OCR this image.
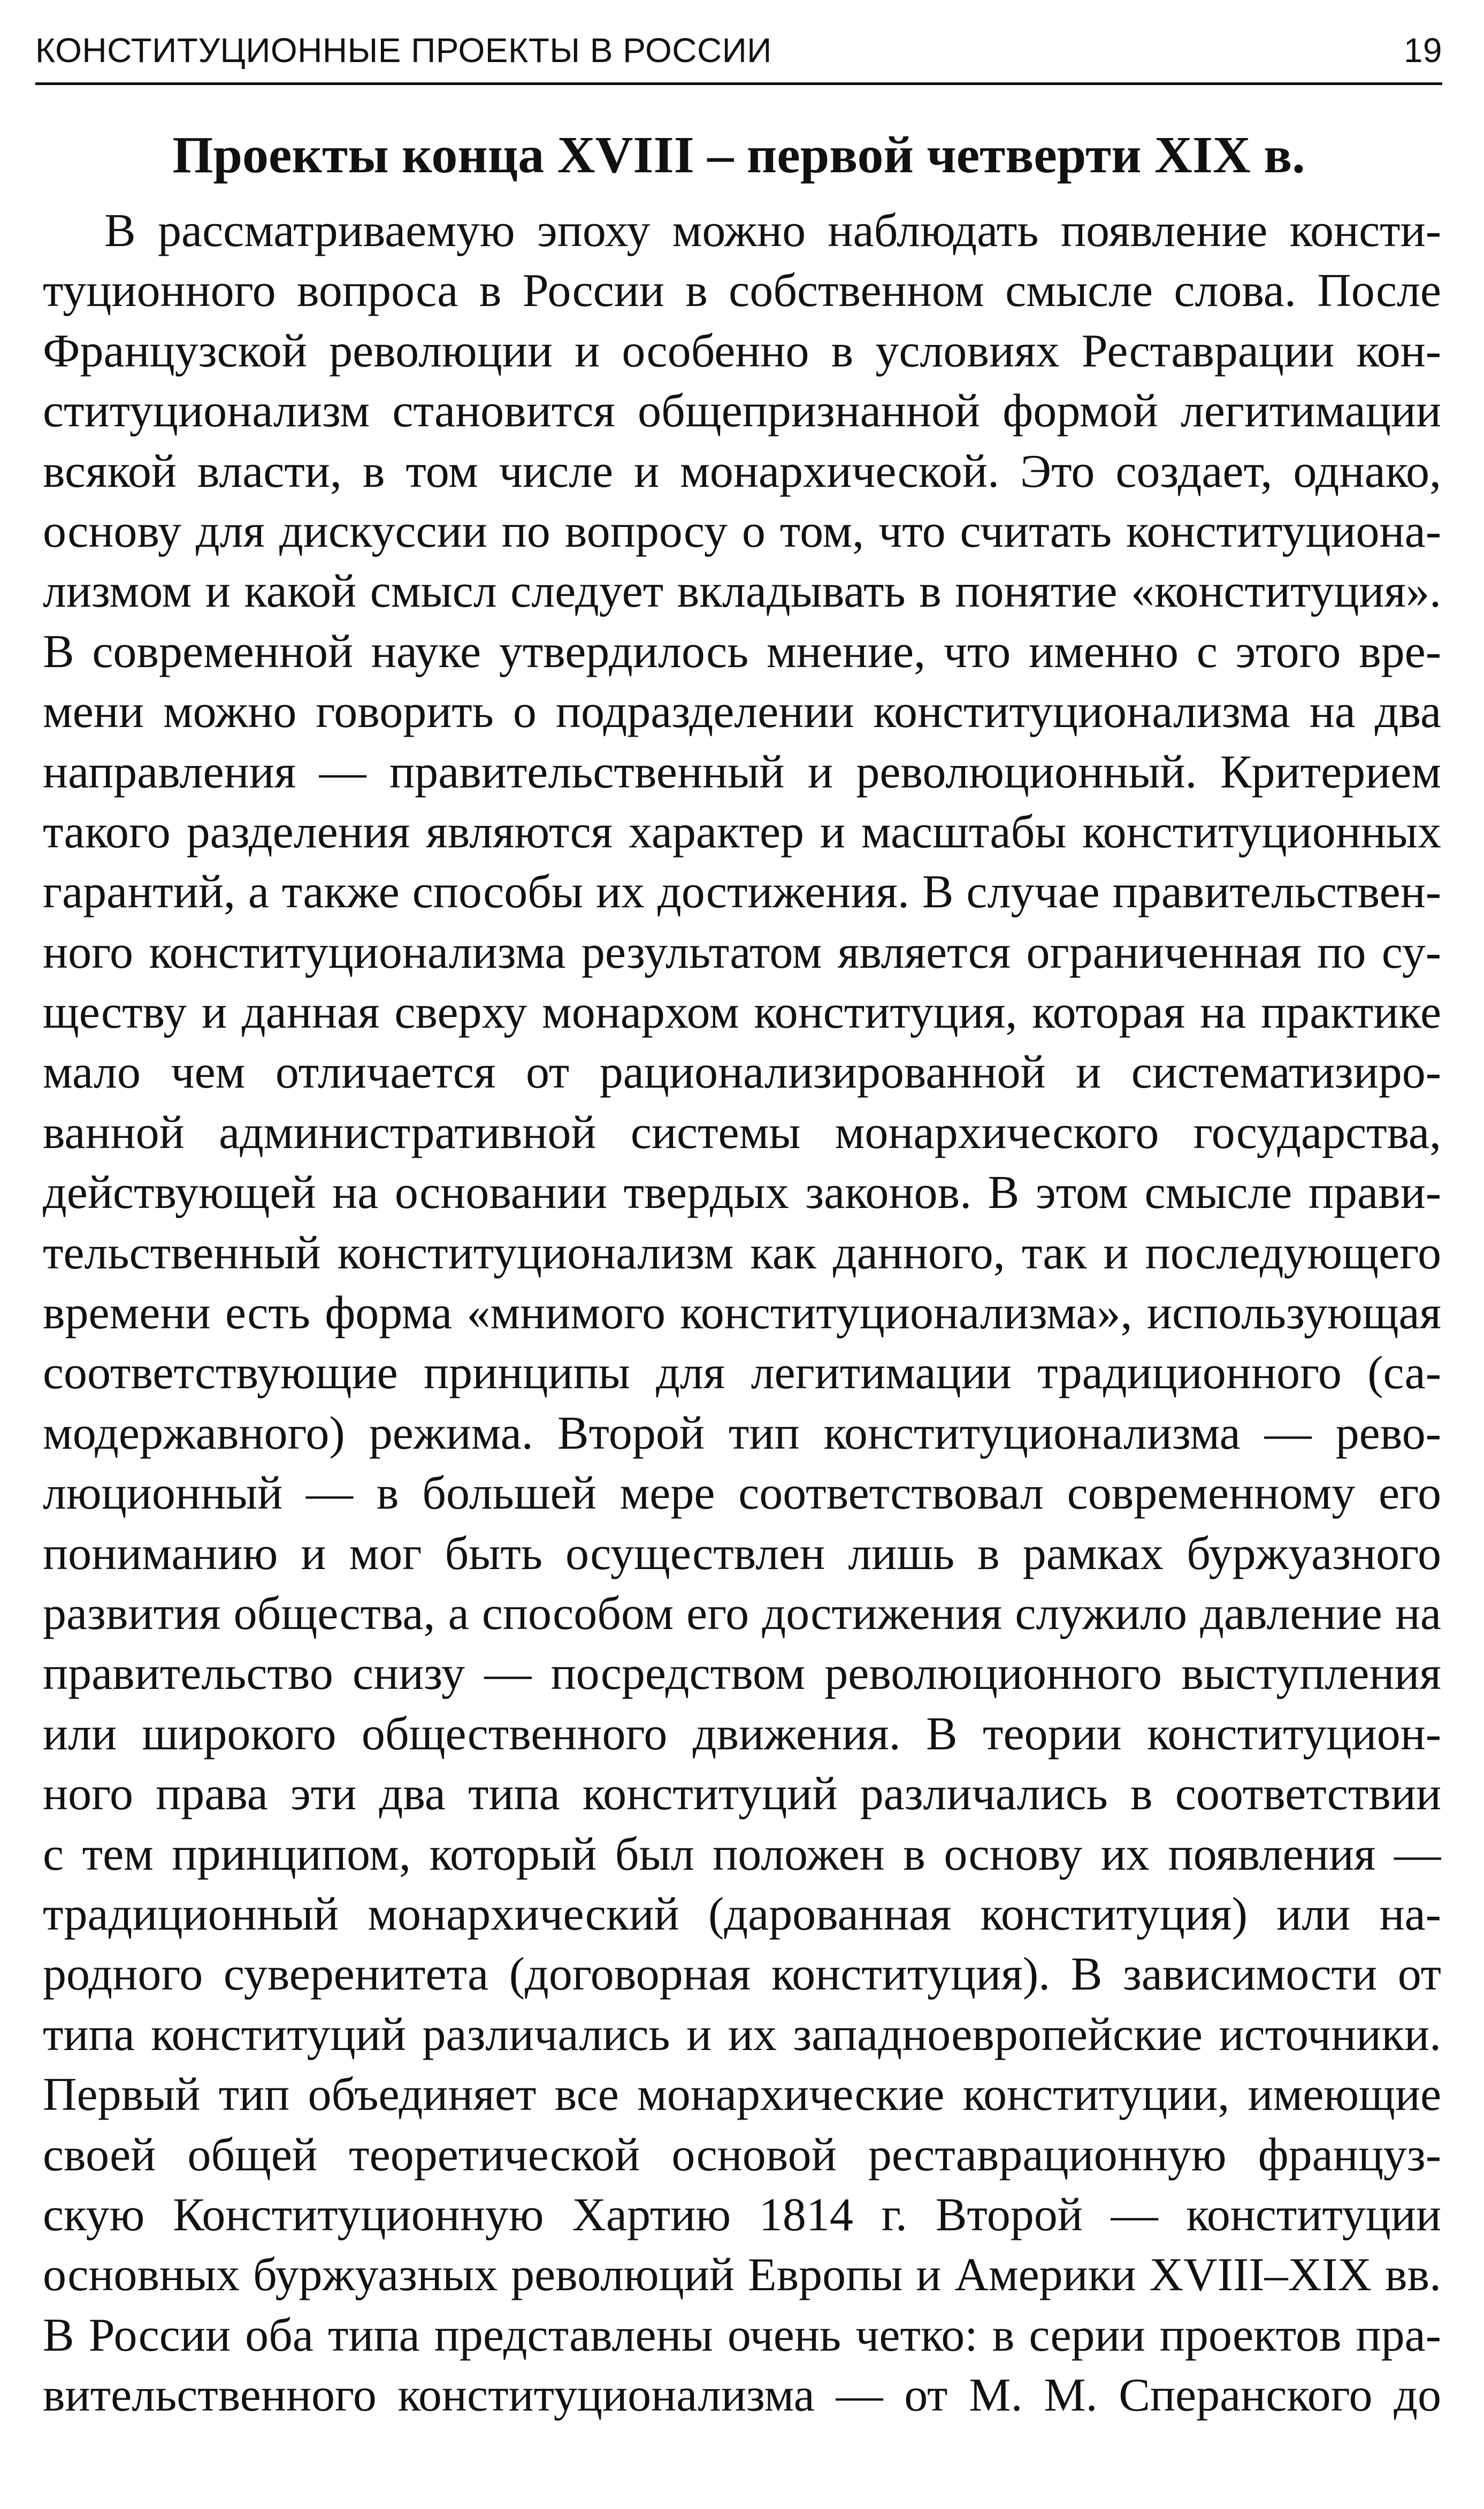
КОНСТИТУЦИОННЫЕ ПРОЕКТЫ В РОССИИ	19
Проекты конца XVIII – первой четверти XIX в.
В рассматриваемую эпоху можно наблюдать появление консти-
туционного вопроса в России в собственном смысле слова. После
Французской революции и особенно в условиях Реставрации кон-
ституционализм становится общепризнанной формой легитимации
всякой власти, в том числе и монархической. Это создает, однако,
основу для дискуссии по вопросу о том, что считать конституциона-
лизмом и какой смысл следует вкладывать в понятие «конституция».
В современной науке утвердилось мнение, что именно с этого вре-
мени можно говорить о подразделении конституционализма на два
направления — правительственный и революционный. Критерием
такого разделения являются характер и масштабы конституционных
гарантий, а также способы их достижения. В случае правительствен-
ного конституционализма результатом является ограниченная по су-
ществу и данная сверху монархом конституция, которая на практике
мало чем отличается от рационализированной и систематизиро-
ванной административной системы монархического государства,
действующей на основании твердых законов. В этом смысле прави-
тельственный конституционализм как данного, так и последующего
времени есть форма «мнимого конституционализма», использующая
соответствующие принципы для легитимации традиционного (са-
модержавного) режима. Второй тип конституционализма — рево-
люционный — в большей мере соответствовал современному его
пониманию и мог быть осуществлен лишь в рамках буржуазного
развития общества, а способом его достижения служило давление на
правительство снизу — посредством революционного выступления
или широкого общественного движения. В теории конституцион-
ного права эти два типа конституций различались в соответствии
с тем принципом, который был положен в основу их появления —
традиционный монархический (дарованная конституция) или на-
родного суверенитета (договорная конституция). В зависимости от
типа конституций различались и их западноевропейские источники.
Первый тип объединяет все монархические конституции, имеющие
своей общей теоретической основой реставрационную француз-
скую Конституционную Хартию 1814 г. Второй — конституции
основных буржуазных революций Европы и Америки XVIII–XIX вв.
В России оба типа представлены очень четко: в серии проектов пра-
вительственного конституционализма — от М. М. Сперанского до
